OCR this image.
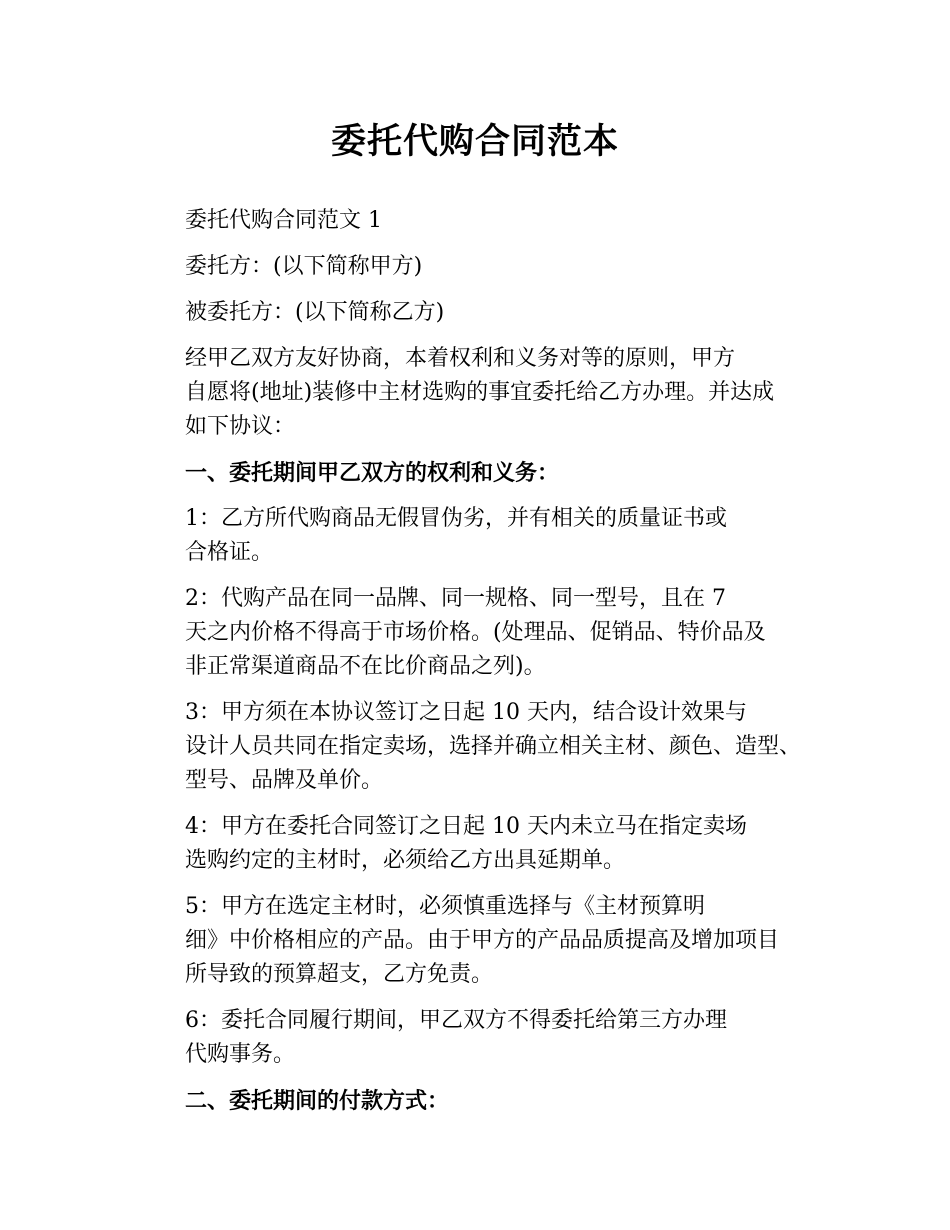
委托代购合同范本
委托代购合同范文 1
委托方：(以下简称甲方)
被委托方：(以下简称乙方)
经甲乙双方友好协商，本着权利和义务对等的原则，甲方
自愿将(地址)装修中主材选购的事宜委托给乙方办理。并达成
如下协议：
一、委托期间甲乙双方的权利和义务：
1：乙方所代购商品无假冒伪劣，并有相关的质量证书或
合格证。
2：代购产品在同一品牌、同一规格、同一型号，且在 7
天之内价格不得高于市场价格。(处理品、促销品、特价品及
非正常渠道商品不在比价商品之列)。
3：甲方须在本协议签订之日起 10 天内，结合设计效果与
设计人员共同在指定卖场，选择并确立相关主材、颜色、造型、
型号、品牌及单价。
4：甲方在委托合同签订之日起 10 天内未立马在指定卖场
选购约定的主材时，必须给乙方出具延期单。
5：甲方在选定主材时，必须慎重选择与《主材预算明
细》中价格相应的产品。由于甲方的产品品质提高及增加项目
所导致的预算超支，乙方免责。
6：委托合同履行期间，甲乙双方不得委托给第三方办理
代购事务。
二、委托期间的付款方式：
